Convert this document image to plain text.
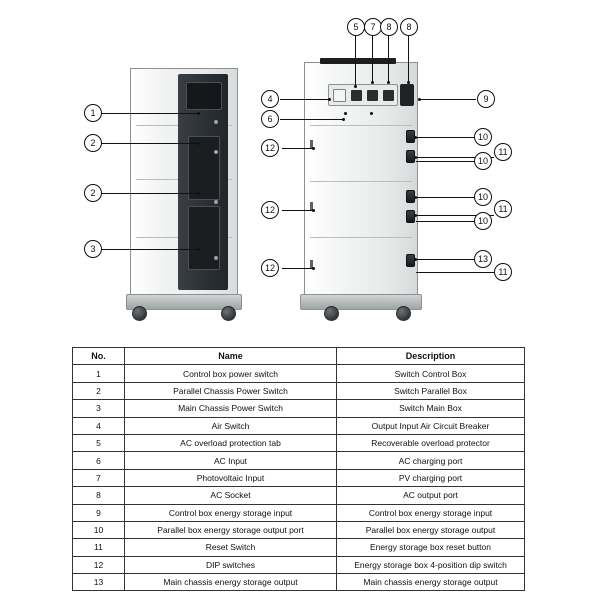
1
2
2
3
5	7	8	8
4
6
12
12
12
9
10
11
10
10
11
10
13
11
No.	Name	Description
1	Control box power switch	Switch Control Box
2	Parallel Chassis Power Switch	Switch Parallel Box
3	Main Chassis Power Switch	Switch Main Box
4	Air Switch	Output Input Air Circuit Breaker
5	AC overload protection tab	Recoverable overload protector
6	AC Input	AC charging port
7	Photovoltaic Input	PV charging port
8	AC Socket	AC output port
9	Control box energy storage input	Control box energy storage input
10	Parallel box energy storage output port	Parallel box energy storage output
11	Reset Switch	Energy storage box reset button
12	DIP switches	Energy storage box 4-position dip switch
13	Main chassis energy storage output	Main chassis energy storage output
